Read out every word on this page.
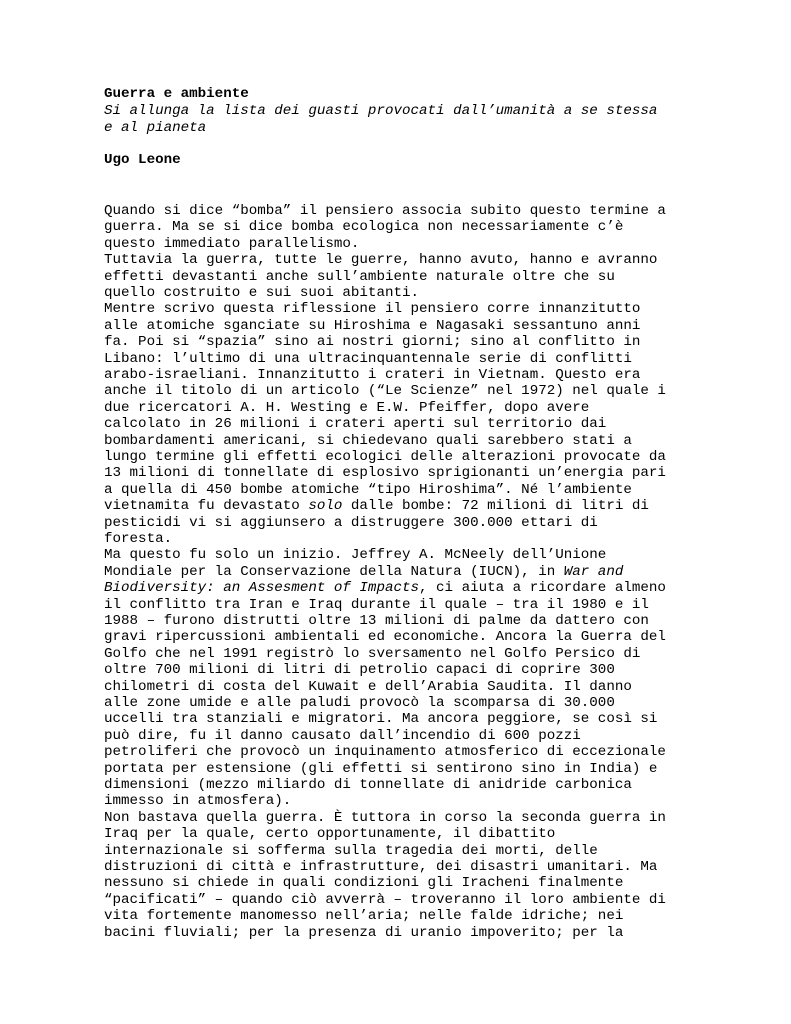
Guerra e ambiente
Si allunga la lista dei guasti provocati dall’umanità a se stessa
e al pianeta
Ugo Leone
Quando si dice “bomba” il pensiero associa subito questo termine a
guerra. Ma se si dice bomba ecologica non necessariamente c’è
questo immediato parallelismo.
Tuttavia la guerra, tutte le guerre, hanno avuto, hanno e avranno
effetti devastanti anche sull’ambiente naturale oltre che su
quello costruito e sui suoi abitanti.
Mentre scrivo questa riflessione il pensiero corre innanzitutto
alle atomiche sganciate su Hiroshima e Nagasaki sessantuno anni
fa. Poi si “spazia” sino ai nostri giorni; sino al conflitto in
Libano: l’ultimo di una ultracinquantennale serie di conflitti
arabo-israeliani. Innanzitutto i crateri in Vietnam. Questo era
anche il titolo di un articolo (“Le Scienze” nel 1972) nel quale i
due ricercatori A. H. Westing e E.W. Pfeiffer, dopo avere
calcolato in 26 milioni i crateri aperti sul territorio dai
bombardamenti americani, si chiedevano quali sarebbero stati a
lungo termine gli effetti ecologici delle alterazioni provocate da
13 milioni di tonnellate di esplosivo sprigionanti un’energia pari
a quella di 450 bombe atomiche “tipo Hiroshima”. Né l’ambiente
vietnamita fu devastato solo dalle bombe: 72 milioni di litri di
pesticidi vi si aggiunsero a distruggere 300.000 ettari di
foresta.
Ma questo fu solo un inizio. Jeffrey A. McNeely dell’Unione
Mondiale per la Conservazione della Natura (IUCN), in War and
Biodiversity: an Assesment of Impacts, ci aiuta a ricordare almeno
il conflitto tra Iran e Iraq durante il quale – tra il 1980 e il
1988 – furono distrutti oltre 13 milioni di palme da dattero con
gravi ripercussioni ambientali ed economiche. Ancora la Guerra del
Golfo che nel 1991 registrò lo sversamento nel Golfo Persico di
oltre 700 milioni di litri di petrolio capaci di coprire 300
chilometri di costa del Kuwait e dell’Arabia Saudita. Il danno
alle zone umide e alle paludi provocò la scomparsa di 30.000
uccelli tra stanziali e migratori. Ma ancora peggiore, se così si
può dire, fu il danno causato dall’incendio di 600 pozzi
petroliferi che provocò un inquinamento atmosferico di eccezionale
portata per estensione (gli effetti si sentirono sino in India) e
dimensioni (mezzo miliardo di tonnellate di anidride carbonica
immesso in atmosfera).
Non bastava quella guerra. È tuttora in corso la seconda guerra in
Iraq per la quale, certo opportunamente, il dibattito
internazionale si sofferma sulla tragedia dei morti, delle
distruzioni di città e infrastrutture, dei disastri umanitari. Ma
nessuno si chiede in quali condizioni gli Iracheni finalmente
“pacificati” – quando ciò avverrà – troveranno il loro ambiente di
vita fortemente manomesso nell’aria; nelle falde idriche; nei
bacini fluviali; per la presenza di uranio impoverito; per la
